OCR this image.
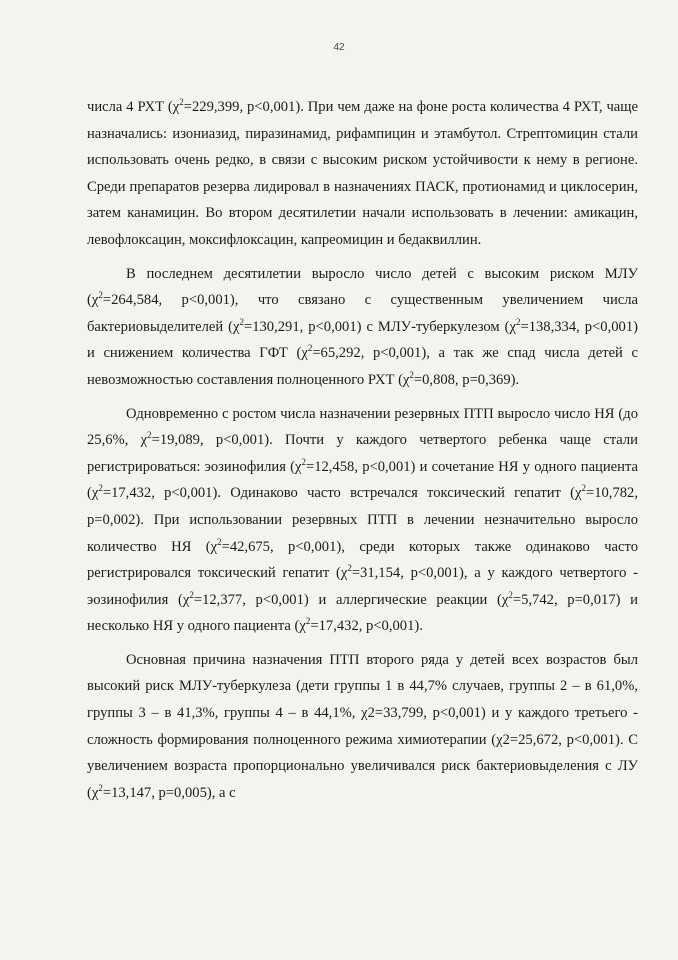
42

числа 4 РХТ ($\chi^2=229,399$, p<0,001). При чем даже на фоне роста количества 4 РХТ, чаще назначались: изониазид, пиразинамид, рифампицин и этамбутол. Стрептомицин стали использовать очень редко, в связи с высоким риском устойчивости к нему в регионе. Среди препаратов резерва лидировал в назначениях ПАСК, протионамид и циклосерин, затем канамицин. Во втором десятилетии начали использовать в лечении: амикацин, левофлоксацин, моксифлоксацин, капреомицин и бедаквиллин.

В последнем десятилетии выросло число детей с высоким риском МЛУ ($\chi^2=264,584$, p<0,001), что связано с существенным увеличением числа бактериовыделителей ($\chi^2=130,291$, p<0,001) с МЛУ-туберкулезом ($\chi^2=138,334$, p<0,001) и снижением количества ГФТ ($\chi^2=65,292$, p<0,001), а так же спад числа детей с невозможностью составления полноценного РХТ ($\chi^2=0,808$, p=0,369).

Одновременно с ростом числа назначении резервных ПТП выросло число НЯ (до 25,6%, $\chi^2=19,089$, p<0,001). Почти у каждого четвертого ребенка чаще стали регистрироваться: эозинофилия ($\chi^2=12,458$, p<0,001) и сочетание НЯ у одного пациента ($\chi^2=17,432$, p<0,001). Одинаково часто встречался токсический гепатит ($\chi^2=10,782$, p=0,002). При использовании резервных ПТП в лечении незначительно выросло количество НЯ ($\chi^2=42,675$, p<0,001), среди которых также одинаково часто регистрировался токсический гепатит ($\chi^2=31,154$, p<0,001), а у каждого четвертого - эозинофилия ($\chi^2=12,377$, p<0,001) и аллергические реакции ($\chi^2=5,742$, p=0,017) и несколько НЯ у одного пациента ($\chi^2=17,432$, p<0,001).

Основная причина назначения ПТП второго ряда у детей всех возрастов был высокий риск МЛУ-туберкулеза (дети группы 1 в 44,7% случаев, группы 2 – в 61,0%, группы 3 – в 41,3%, группы 4 – в 44,1%, χ2=33,799, p<0,001) и у каждого третьего - сложность формирования полноценного режима химиотерапии (χ2=25,672, p<0,001). С увеличением возраста пропорционально увеличивался риск бактериовыделения с ЛУ ($\chi^2=13,147$, p=0,005), а с
